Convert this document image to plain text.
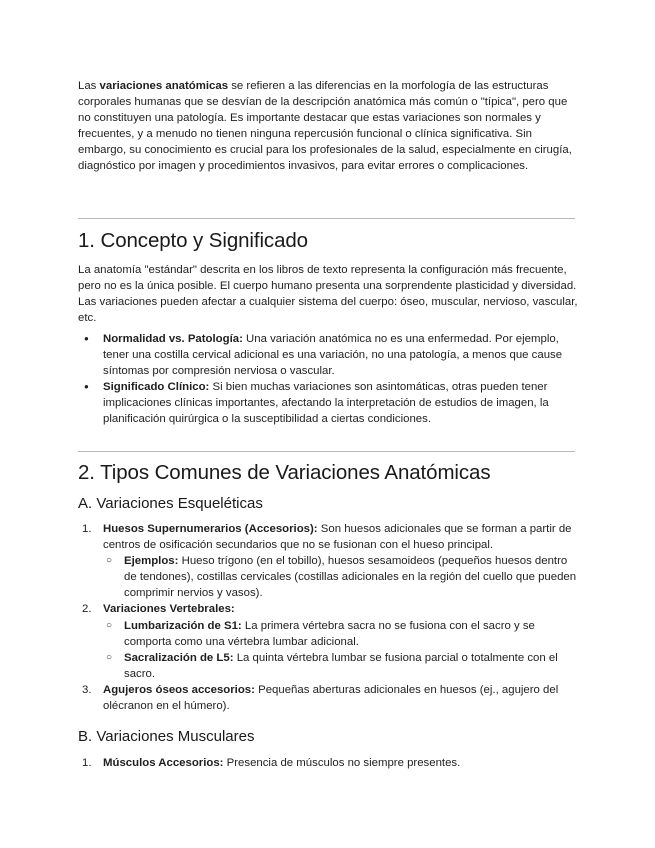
Las variaciones anatómicas se refieren a las diferencias en la morfología de las estructuras corporales humanas que se desvían de la descripción anatómica más común o "típica", pero que no constituyen una patología. Es importante destacar que estas variaciones son normales y frecuentes, y a menudo no tienen ninguna repercusión funcional o clínica significativa. Sin embargo, su conocimiento es crucial para los profesionales de la salud, especialmente en cirugía, diagnóstico por imagen y procedimientos invasivos, para evitar errores o complicaciones.

1. Concepto y Significado

La anatomía "estándar" descrita en los libros de texto representa la configuración más frecuente, pero no es la única posible. El cuerpo humano presenta una sorprendente plasticidad y diversidad. Las variaciones pueden afectar a cualquier sistema del cuerpo: óseo, muscular, nervioso, vascular, etc.

● Normalidad vs. Patología: Una variación anatómica no es una enfermedad. Por ejemplo, tener una costilla cervical adicional es una variación, no una patología, a menos que cause síntomas por compresión nerviosa o vascular.
● Significado Clínico: Si bien muchas variaciones son asintomáticas, otras pueden tener implicaciones clínicas importantes, afectando la interpretación de estudios de imagen, la planificación quirúrgica o la susceptibilidad a ciertas condiciones.
2. Tipos Comunes de Variaciones Anatómicas
A. Variaciones Esqueléticas
1. Huesos Supernumerarios (Accesorios): Son huesos adicionales que se forman a partir de centros de osificación secundarios que no se fusionan con el hueso principal.
○ Ejemplos: Hueso trígono (en el tobillo), huesos sesamoideos (pequeños huesos dentro de tendones), costillas cervicales (costillas adicionales en la región del cuello que pueden comprimir nervios y vasos).
2. Variaciones Vertebrales:
○ Lumbarización de S1: La primera vértebra sacra no se fusiona con el sacro y se comporta como una vértebra lumbar adicional.
○ Sacralización de L5: La quinta vértebra lumbar se fusiona parcial o totalmente con el sacro.
3. Agujeros óseos accesorios: Pequeñas aberturas adicionales en huesos (ej., agujero del olécranon en el húmero).
B. Variaciones Musculares
1. Músculos Accesorios: Presencia de músculos no siempre presentes.
